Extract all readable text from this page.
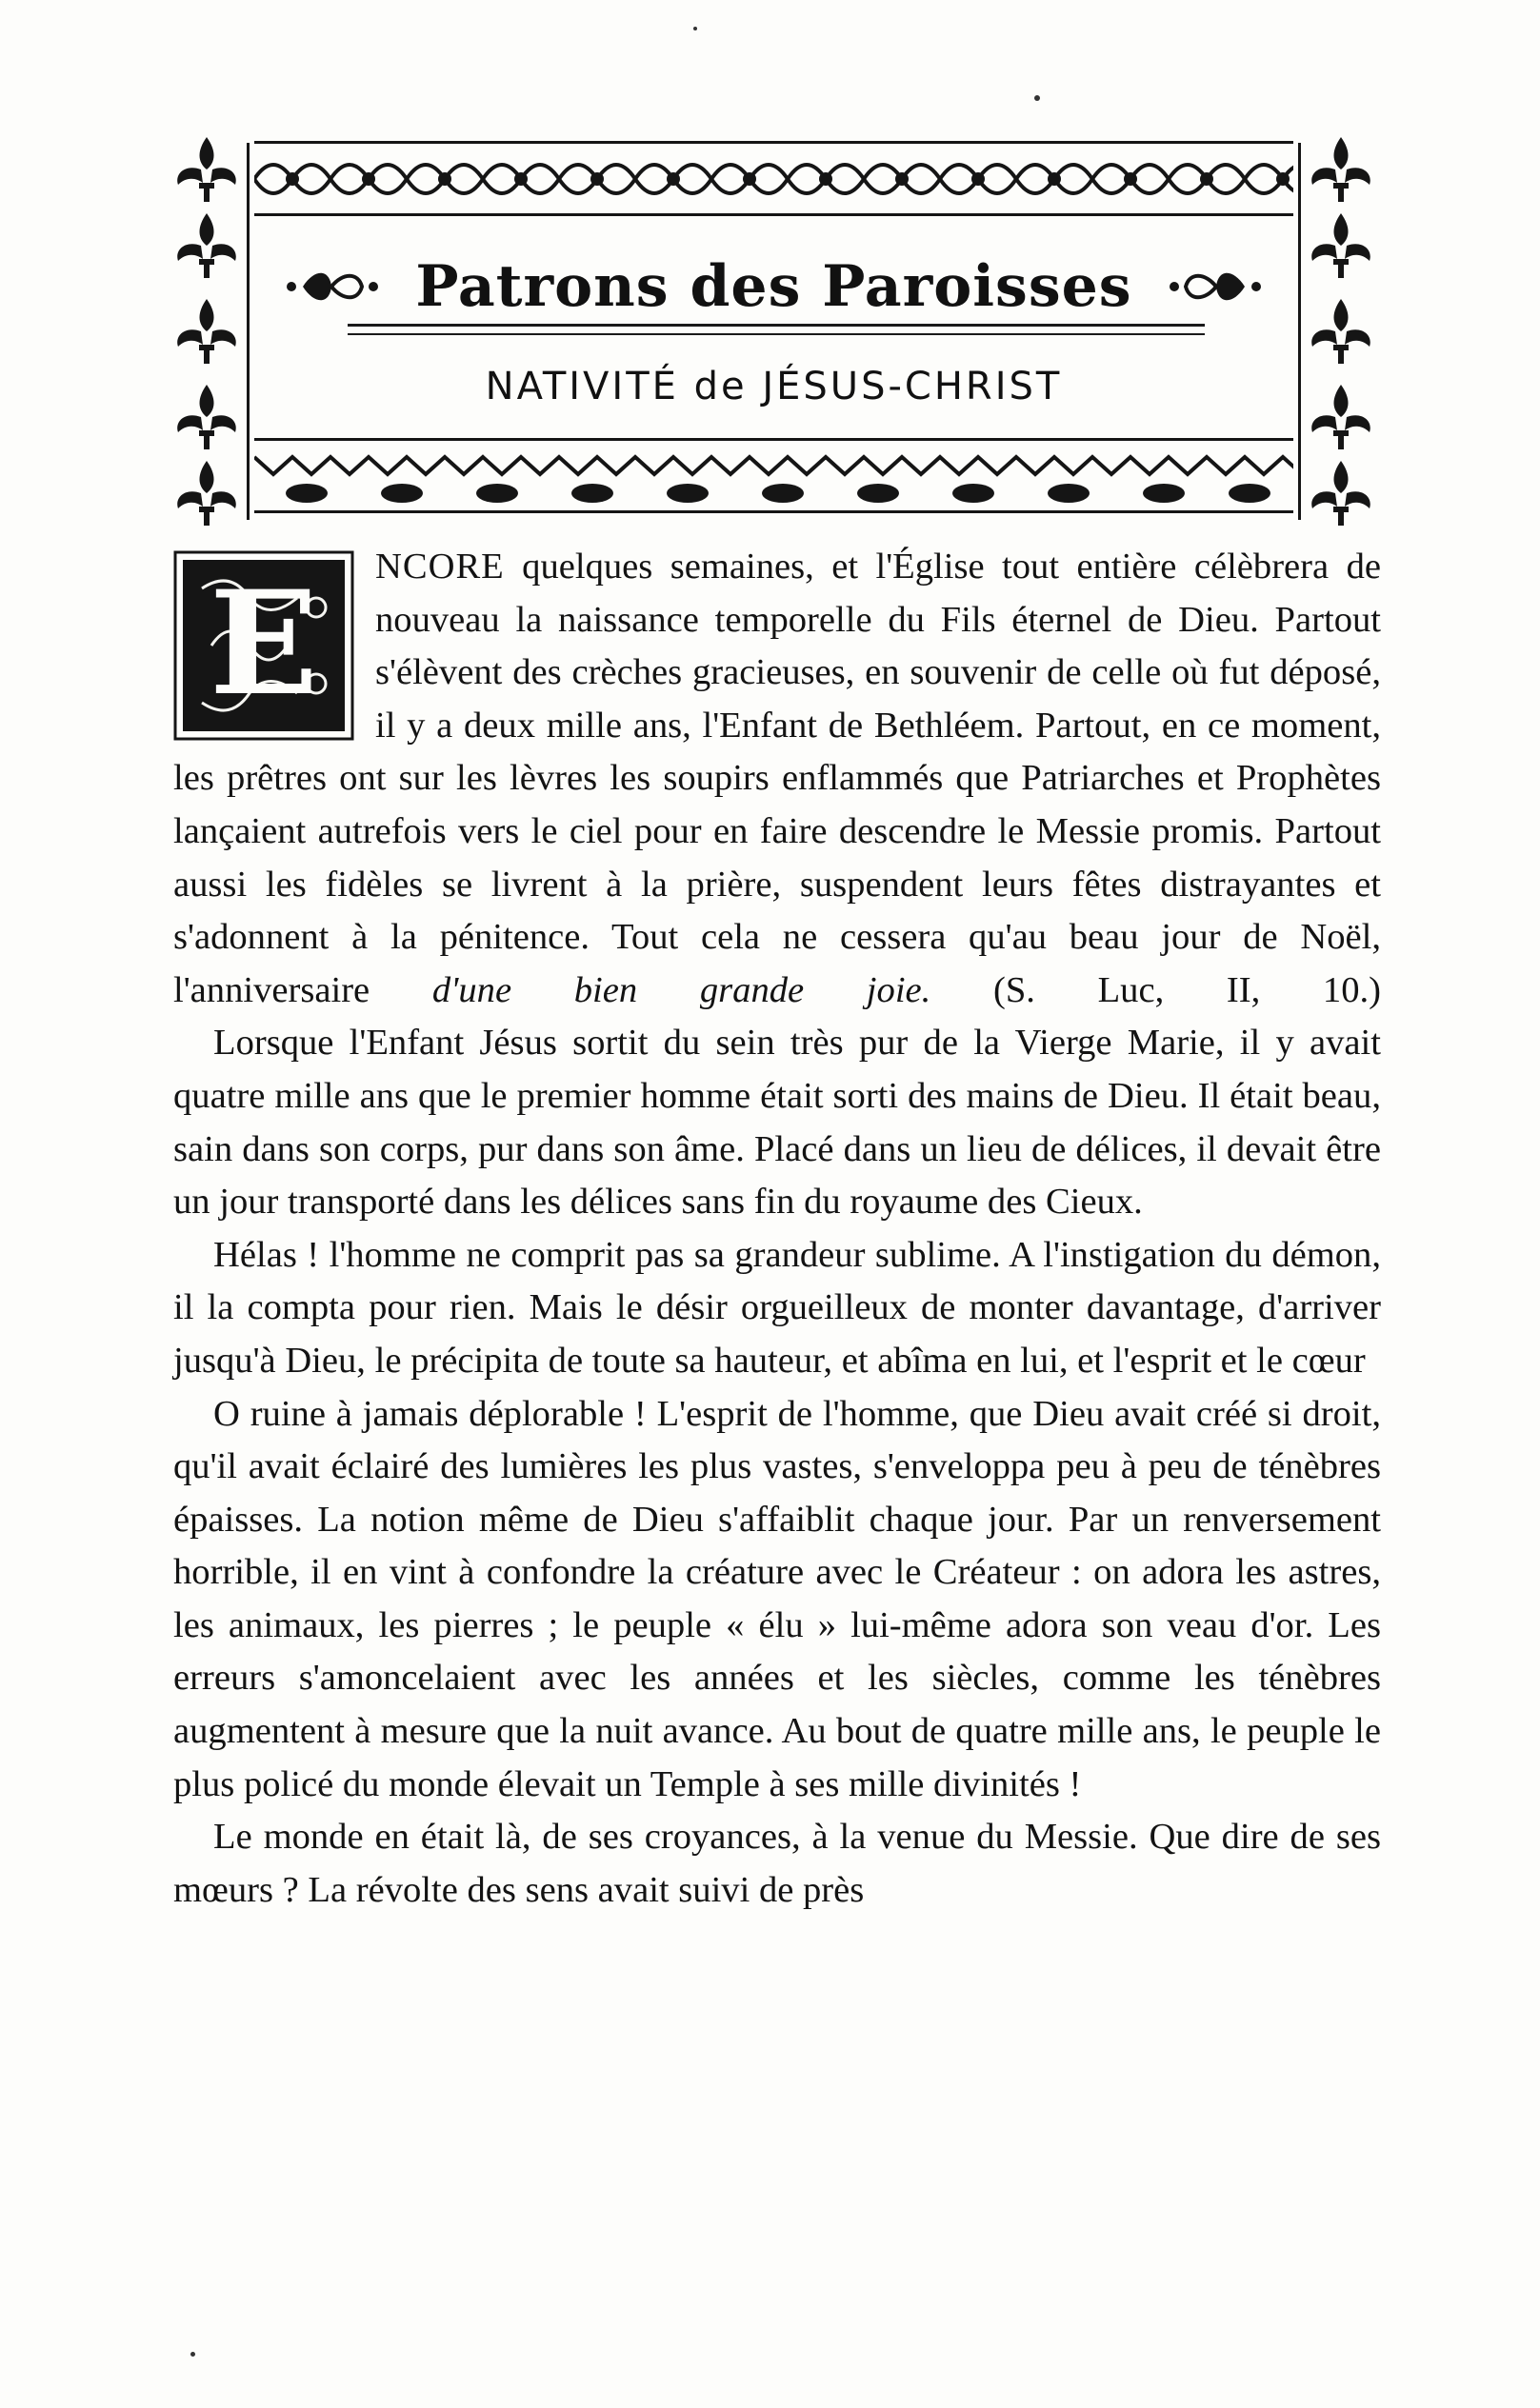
Patrons des Paroisses
NATIVITÉ de JÉSUS-CHRIST

E NCORE quelques semaines, et l'Église tout entière célèbrera de nouveau la naissance temporelle du Fils éternel de Dieu. Partout s'élèvent des crèches gracieuses, en souvenir de celle où fut déposé, il y a deux mille ans, l'Enfant de Bethléem. Partout, en ce moment, les prêtres ont sur les lèvres les soupirs enflammés que Patriarches et Prophètes lançaient autrefois vers le ciel pour en faire descendre le Messie promis. Partout aussi les fidèles se livrent à la prière, suspendent leurs fêtes distrayantes et s'adonnent à la pénitence. Tout cela ne cessera qu'au beau jour de Noël, l'anniversaire d'une bien grande joie. (S. Luc, II, 10.)

Lorsque l'Enfant Jésus sortit du sein très pur de la Vierge Marie, il y avait quatre mille ans que le premier homme était sorti des mains de Dieu. Il était beau, sain dans son corps, pur dans son âme. Placé dans un lieu de délices, il devait être un jour transporté dans les délices sans fin du royaume des Cieux.

Hélas ! l'homme ne comprit pas sa grandeur sublime. A l'instigation du démon, il la compta pour rien. Mais le désir orgueilleux de monter davantage, d'arriver jusqu'à Dieu, le précipita de toute sa hauteur, et abîma en lui, et l'esprit et le cœur

O ruine à jamais déplorable ! L'esprit de l'homme, que Dieu avait créé si droit, qu'il avait éclairé des lumières les plus vastes, s'enveloppa peu à peu de ténèbres épaisses. La notion même de Dieu s'affaiblit chaque jour. Par un renversement horrible, il en vint à confondre la créature avec le Créateur : on adora les astres, les animaux, les pierres ; le peuple « élu » lui-même adora son veau d'or. Les erreurs s'amoncelaient avec les années et les siècles, comme les ténèbres augmentent à mesure que la nuit avance. Au bout de quatre mille ans, le peuple le plus policé du monde élevait un Temple à ses mille divinités !

Le monde en était là, de ses croyances, à la venue du Messie. Que dire de ses mœurs ? La révolte des sens avait suivi de près
